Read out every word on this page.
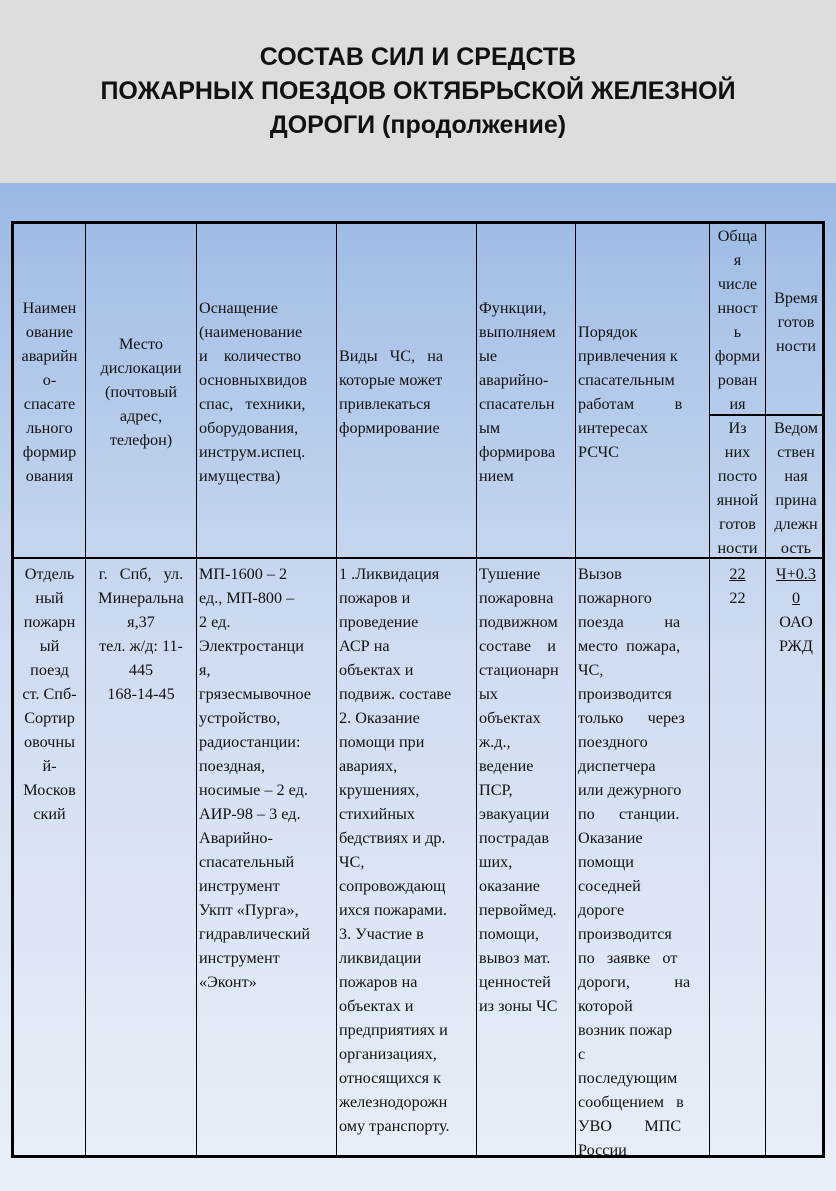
СОСТАВ СИЛ И СРЕДСТВ
ПОЖАРНЫХ ПОЕЗДОВ ОКТЯБРЬСКОЙ ЖЕЛЕЗНОЙ
ДОРОГИ (продолжение)
Наимен
ование
аварийн
о-
спасате
льного
формир
ования
Место
дислокации
(почтовый
адрес,
телефон)
Оснащение
(наименование
и    количество
основныхвидов
спас,   техники,
оборудования,
инструм.испец.
имущества)
Виды   ЧС,   на
которые может
привлекаться
формирование
Функции,
выполняем
ые
аварийно-
спасательн
ым
формирова
нием
Порядок
привлечения к
спасательным
работам          в
интересах
РСЧС
Обща
я
числе
нност
ь
форми
рован
ия
Время
готов
ности
Из
них
посто
янной
готов
ности
Ведом
ствен
ная
прина
длежн
ость
Отдель
ный
пожарн
ый
поезд
ст. Спб-
Сортир
овочны
й-
Москов
ский
г.   Спб,   ул.
Минеральна
я,37
тел. ж/д: 11-
445
168-14-45
МП-1600 – 2
ед., МП-800 –
2 ед.
Электростанци
я,
грязесмывочное
устройство,
радиостанции:
поездная,
носимые – 2 ед.
АИР-98 – 3 ед.
Аварийно-
спасательный
инструмент
Укпт «Пурга»,
гидравлический
инструмент
«Эконт»
1 .Ликвидация
пожаров и
проведение
АСР на
объектах и
подвиж. составе
2. Оказание
помощи при
авариях,
крушениях,
стихийных
бедствиях и др.
ЧС,
сопровождающ
ихся пожарами.
3. Участие в
ликвидации
пожаров на
объектах и
предприятиях и
организациях,
относящихся к
железнодорожн
ому транспорту.
Тушение
пожаровна
подвижном
составе    и
стационарн
ых
объектах
ж.д.,
ведение
ПСР,
эвакуации
пострадав
ших,
оказание
первоймед.
помощи,
вывоз мат.
ценностей
из зоны ЧС
Вызов
пожарного
поезда          на
место  пожара,
ЧС,
производится
только      через
поездного
диспетчера
или дежурного
по      станции.
Оказание
помощи
соседней
дороге
производится
по   заявке   от
дороги,           на
которой
возник пожар
с
последующим
сообщением   в
УВО        МПС
России
22
22
Ч+0.3
0
ОАО
РЖД
